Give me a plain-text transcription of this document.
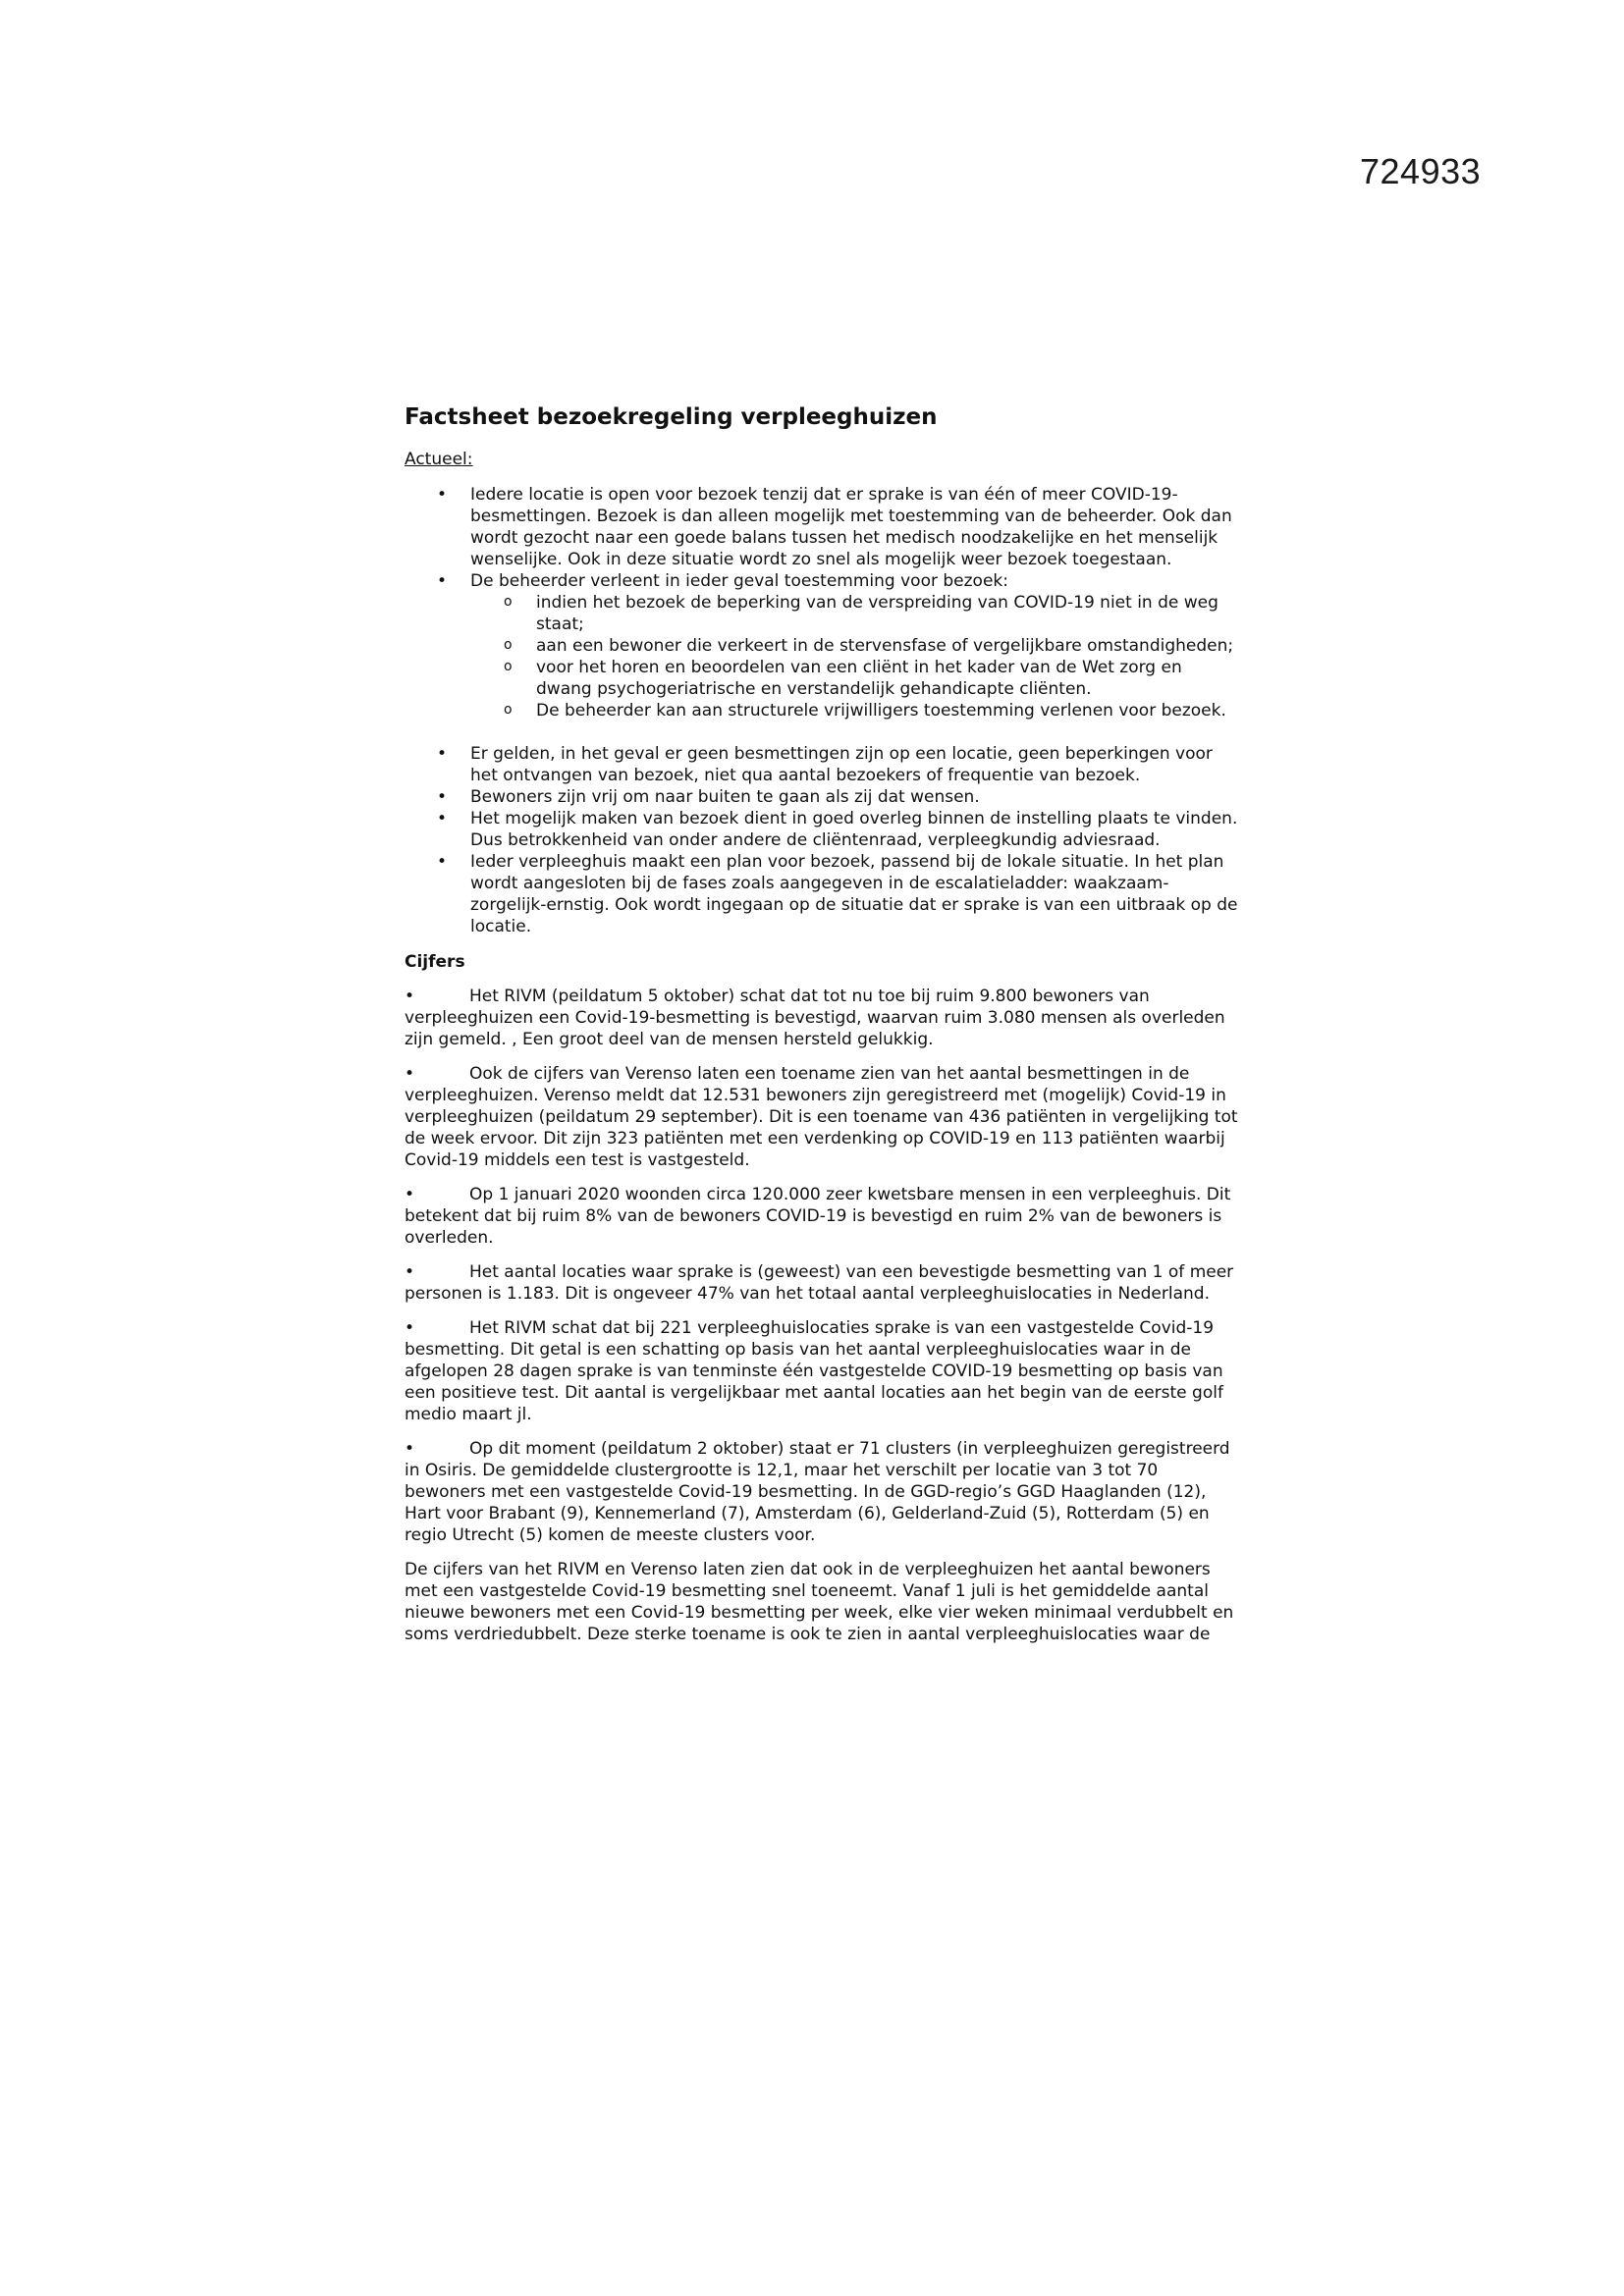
724933
Factsheet bezoekregeling verpleeghuizen
Actueel:
• Iedere locatie is open voor bezoek tenzij dat er sprake is van één of meer COVID-19-besmettingen. Bezoek is dan alleen mogelijk met toestemming van de beheerder. Ook dan wordt gezocht naar een goede balans tussen het medisch noodzakelijke en het menselijk wenselijke. Ook in deze situatie wordt zo snel als mogelijk weer bezoek toegestaan.
• De beheerder verleent in ieder geval toestemming voor bezoek:
o indien het bezoek de beperking van de verspreiding van COVID-19 niet in de weg staat;
o aan een bewoner die verkeert in de stervensfase of vergelijkbare omstandigheden;
o voor het horen en beoordelen van een cliënt in het kader van de Wet zorg en dwang psychogeriatrische en verstandelijk gehandicapte cliënten.
o De beheerder kan aan structurele vrijwilligers toestemming verlenen voor bezoek.
• Er gelden, in het geval er geen besmettingen zijn op een locatie, geen beperkingen voor het ontvangen van bezoek, niet qua aantal bezoekers of frequentie van bezoek.
• Bewoners zijn vrij om naar buiten te gaan als zij dat wensen.
• Het mogelijk maken van bezoek dient in goed overleg binnen de instelling plaats te vinden. Dus betrokkenheid van onder andere de cliëntenraad, verpleegkundig adviesraad.
• Ieder verpleeghuis maakt een plan voor bezoek, passend bij de lokale situatie. In het plan wordt aangesloten bij de fases zoals aangegeven in de escalatieladder: waakzaam-zorgelijk-ernstig. Ook wordt ingegaan op de situatie dat er sprake is van een uitbraak op de locatie.
Cijfers

•	Het RIVM (peildatum 5 oktober) schat dat tot nu toe bij ruim 9.800 bewoners van verpleeghuizen een Covid-19-besmetting is bevestigd, waarvan ruim 3.080 mensen als overleden zijn gemeld. , Een groot deel van de mensen hersteld gelukkig.

•	Ook de cijfers van Verenso laten een toename zien van het aantal besmettingen in de verpleeghuizen. Verenso meldt dat 12.531 bewoners zijn geregistreerd met (mogelijk) Covid-19 in verpleeghuizen (peildatum 29 september). Dit is een toename van 436 patiënten in vergelijking tot de week ervoor. Dit zijn 323 patiënten met een verdenking op COVID-19 en 113 patiënten waarbij Covid-19 middels een test is vastgesteld.

•	Op 1 januari 2020 woonden circa 120.000 zeer kwetsbare mensen in een verpleeghuis. Dit betekent dat bij ruim 8% van de bewoners COVID-19 is bevestigd en ruim 2% van de bewoners is overleden.

•	Het aantal locaties waar sprake is (geweest) van een bevestigde besmetting van 1 of meer personen is 1.183. Dit is ongeveer 47% van het totaal aantal verpleeghuislocaties in Nederland.

•	Het RIVM schat dat bij 221 verpleeghuislocaties sprake is van een vastgestelde Covid-19 besmetting. Dit getal is een schatting op basis van het aantal verpleeghuislocaties waar in de afgelopen 28 dagen sprake is van tenminste één vastgestelde COVID-19 besmetting op basis van een positieve test. Dit aantal is vergelijkbaar met aantal locaties aan het begin van de eerste golf medio maart jl.

•	Op dit moment (peildatum 2 oktober) staat er 71 clusters (in verpleeghuizen geregistreerd in Osiris. De gemiddelde clustergrootte is 12,1, maar het verschilt per locatie van 3 tot 70 bewoners met een vastgestelde Covid-19 besmetting. In de GGD-regio’s GGD Haaglanden (12), Hart voor Brabant (9), Kennemerland (7), Amsterdam (6), Gelderland-Zuid (5), Rotterdam (5) en regio Utrecht (5) komen de meeste clusters voor.

De cijfers van het RIVM en Verenso laten zien dat ook in de verpleeghuizen het aantal bewoners met een vastgestelde Covid-19 besmetting snel toeneemt. Vanaf 1 juli is het gemiddelde aantal nieuwe bewoners met een Covid-19 besmetting per week, elke vier weken minimaal verdubbelt en soms verdriedubbelt. Deze sterke toename is ook te zien in aantal verpleeghuislocaties waar de
